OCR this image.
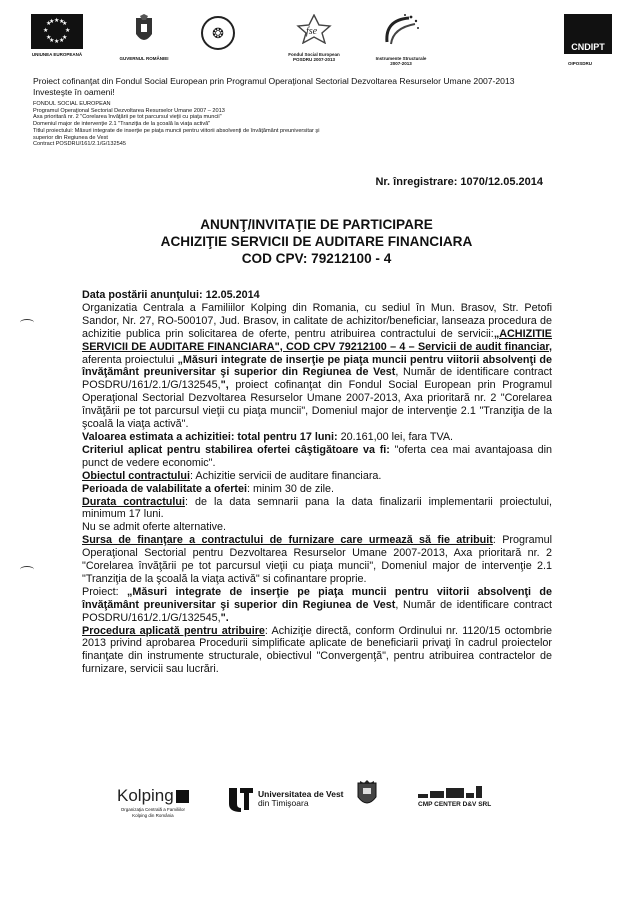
★
★ ★
★	★
★ ★
★
★ ★
★ ★
UNIUNEA EUROPEANĂ
GUVERNUL ROMÂNIEI
❂	fse
Fondul Social European
POSDRU 2007-2013	Instrumente Structurale
2007-2013
CNDIPT
OIPOSDRU
Proiect cofinanţat din Fondul Social European prin Programul Operaţional Sectorial Dezvoltarea Resurselor Umane 2007-2013
Investeşte în oameni!
FONDUL SOCIAL EUROPEAN
Programul Operaţional Sectorial Dezvoltarea Resurselor Umane 2007 – 2013
Axa prioritară nr. 2 "Corelarea învăţării pe tot parcursul vieţii cu piaţa muncii"
Domeniul major de intervenţie 2.1 "Tranziţia de la şcoală la viaţa activă"
Titlul proiectului: Măsuri integrate de inserţie pe piaţa muncii pentru viitorii absolvenţi de învăţământ preuniversitar şi
superior din Regiunea de Vest
Contract POSDRU/161/2.1/G/132545
Nr. înregistrare: 1070/12.05.2014
ANUNŢ/INVITAŢIE DE PARTICIPARE
ACHIZIŢIE SERVICII DE AUDITARE FINANCIARA
COD CPV: 79212100 - 4

Data postării anunţului: 12.05.2014

Organizatia Centrala a Familiilor Kolping din Romania, cu sediul în Mun. Brasov, Str. Petofi Sandor, Nr. 27, RO-500107, Jud. Brasov, in calitate de achizitor/beneficiar, lanseaza procedura de achizitie publica prin solicitarea de oferte, pentru atribuirea contractului de servicii:„ACHIZITIE SERVICII DE AUDITARE FINANCIARA", COD CPV 79212100 – 4 – Servicii de audit financiar, aferenta proiectului „Măsuri integrate de inserţie pe piaţa muncii pentru viitorii absolvenţi de învăţământ preuniversitar şi superior din Regiunea de Vest, Număr de identificare contract POSDRU/161/2.1/G/132545,", proiect cofinanţat din Fondul Social European prin Programul Operaţional Sectorial Dezvoltarea Resurselor Umane 2007-2013, Axa prioritară nr. 2 "Corelarea învăţării pe tot parcursul vieţii cu piaţa muncii", Domeniul major de intervenţie 2.1 "Tranziţia de la şcoală la viaţa activă".

Valoarea estimata a achizitiei: total pentru 17 luni: 20.161,00 lei, fara TVA.

Criteriul aplicat pentru stabilirea ofertei câştigătoare va fi: "oferta cea mai avantajoasa din punct de vedere economic".

Obiectul contractului: Achizitie servicii de auditare financiara.

Perioada de valabilitate a ofertei: minim 30 de zile.

Durata contractului: de la data semnarii pana la data finalizarii implementarii proiectului, minimum 17 luni.

Nu se admit oferte alternative.

Sursa de finanţare a contractului de furnizare care urmează să fie atribuit: Programul Operaţional Sectorial pentru Dezvoltarea Resurselor Umane 2007-2013, Axa prioritară nr. 2 "Corelarea învăţării pe tot parcursul vieţii cu piaţa muncii", Domeniul major de intervenţie 2.1 "Tranziţia de la şcoală la viaţa activă" si cofinantare proprie.

Proiect: „Măsuri integrate de inserţie pe piaţa muncii pentru viitorii absolvenţi de învăţământ preuniversitar şi superior din Regiunea de Vest, Număr de identificare contract POSDRU/161/2.1/G/132545,".

Procedura aplicată pentru atribuire: Achiziţie directă, conform Ordinului nr. 1120/15 octombrie 2013 privind aprobarea Procedurii simplificate aplicate de beneficiarii privaţi în cadrul proiectelor finanţate din instrumente structurale, obiectivul "Convergenţă", pentru atribuirea contractelor de furnizare, servicii sau lucrări.

Kolping
Organizaţia Centrală a Familiilor
Kolping din România
Universitatea de Vest
din Timişoara	CMP CENTER D&V SRL
